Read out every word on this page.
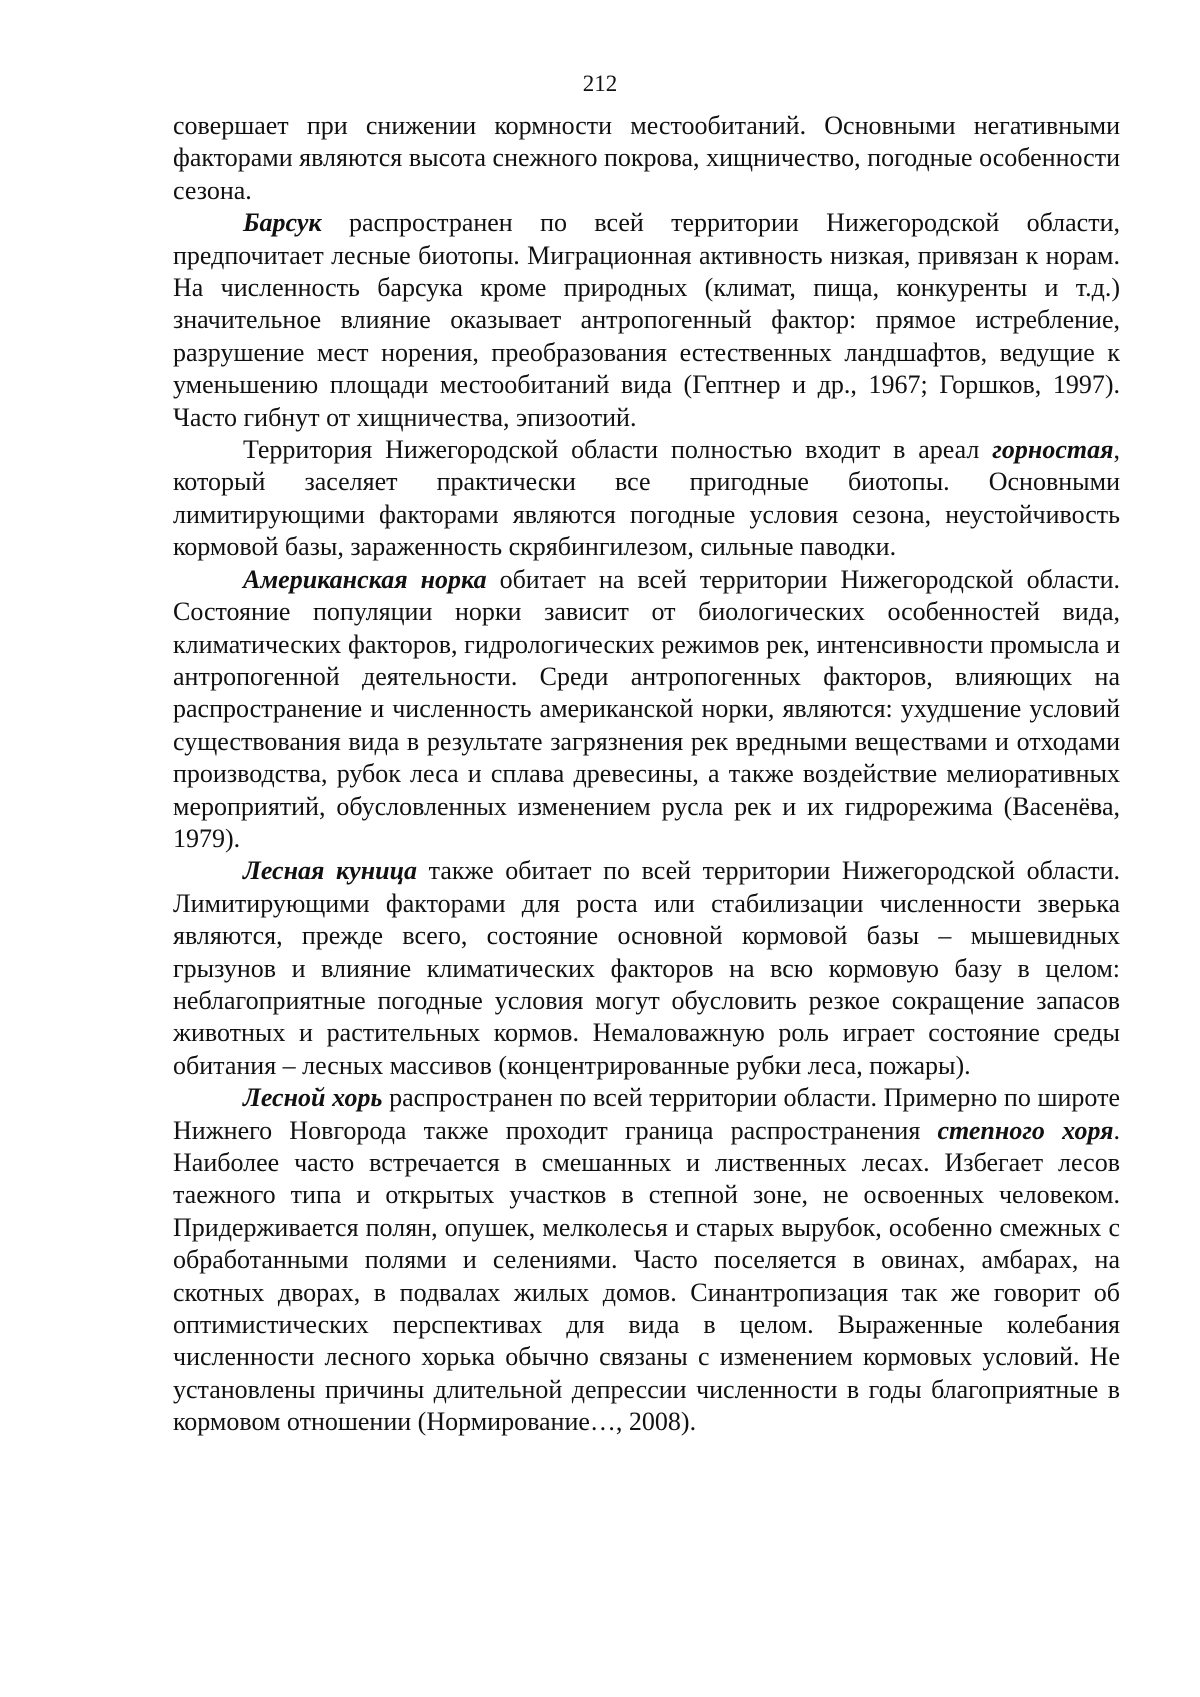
212

совершает при снижении кормности местообитаний. Основными негативными факторами являются высота снежного покрова, хищничество, погодные особенности сезона.

Барсук распространен по всей территории Нижегородской области, предпочитает лесные биотопы. Миграционная активность низкая, привязан к норам. На численность барсука кроме природных (климат, пища, конкуренты и т.д.) значительное влияние оказывает антропогенный фактор: прямое истребление, разрушение мест норения, преобразования естественных ландшафтов, ведущие к уменьшению площади местообитаний вида (Гептнер и др., 1967; Горшков, 1997). Часто гибнут от хищничества, эпизоотий.

Территория Нижегородской области полностью входит в ареал горностая, который заселяет практически все пригодные биотопы. Основными лимитирующими факторами являются погодные условия сезона, неустойчивость кормовой базы, зараженность скрябингилезом, сильные паводки.

Американская норка обитает на всей территории Нижегородской области. Состояние популяции норки зависит от биологических особенностей вида, климатических факторов, гидрологических режимов рек, интенсивности промысла и антропогенной деятельности. Среди антропогенных факторов, влияющих на распространение и численность американской норки, являются: ухудшение условий существования вида в результате загрязнения рек вредными веществами и отходами производства, рубок леса и сплава древесины, а также воздействие мелиоративных мероприятий, обусловленных изменением русла рек и их гидрорежима (Васенёва, 1979).

Лесная куница также обитает по всей территории Нижегородской области. Лимитирующими факторами для роста или стабилизации численности зверька являются, прежде всего, состояние основной кормовой базы – мышевидных грызунов и влияние климатических факторов на всю кормовую базу в целом: неблагоприятные погодные условия могут обусловить резкое сокращение запасов животных и растительных кормов. Немаловажную роль играет состояние среды обитания – лесных массивов (концентрированные рубки леса, пожары).

Лесной хорь распространен по всей территории области. Примерно по широте Нижнего Новгорода также проходит граница распространения степного хоря. Наиболее часто встречается в смешанных и лиственных лесах. Избегает лесов таежного типа и открытых участков в степной зоне, не освоенных человеком. Придерживается полян, опушек, мелколесья и старых вырубок, особенно смежных с обработанными полями и селениями. Часто поселяется в овинах, амбарах, на скотных дворах, в подвалах жилых домов. Синантропизация так же говорит об оптимистических перспективах для вида в целом. Выраженные колебания численности лесного хорька обычно связаны с изменением кормовых условий. Не установлены причины длительной депрессии численности в годы благоприятные в кормовом отношении (Нормирование…, 2008).
